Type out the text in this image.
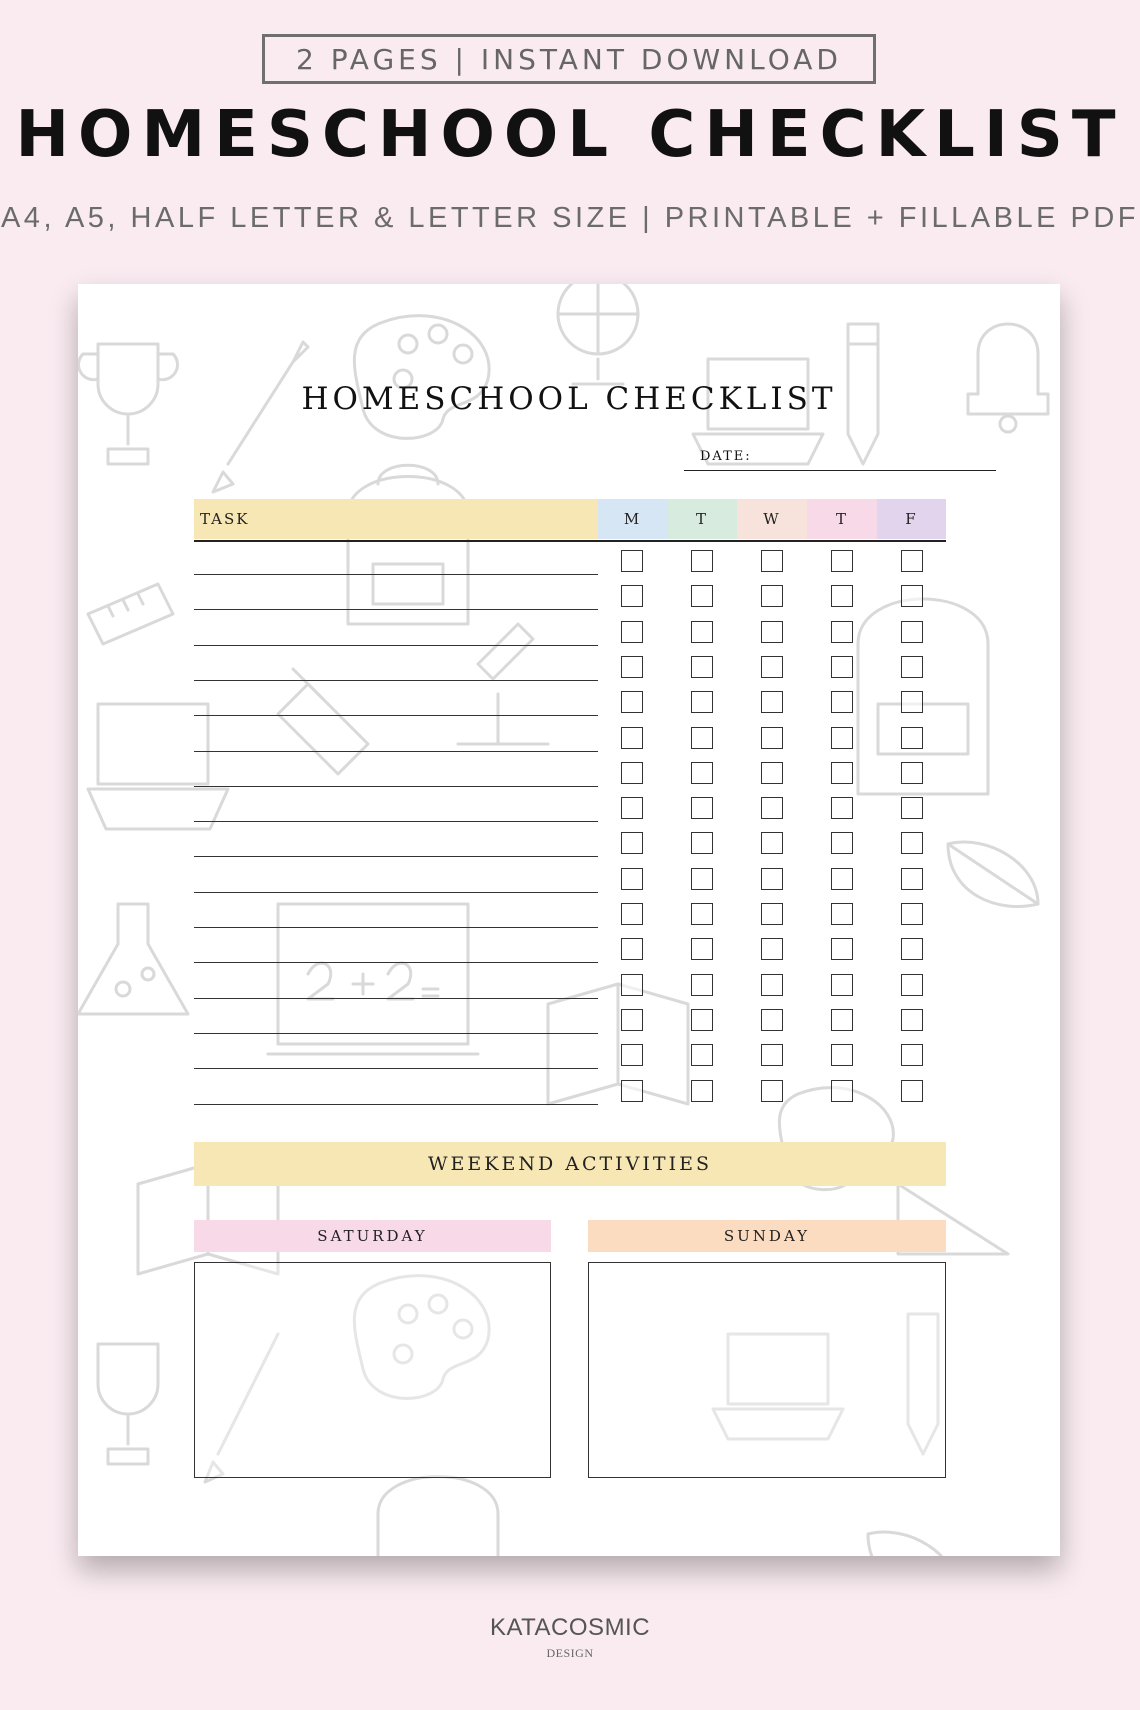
2 PAGES | INSTANT DOWNLOAD
HOMESCHOOL CHECKLIST
A4, A5, HALF LETTER & LETTER SIZE | PRINTABLE + FILLABLE PDF
HOMESCHOOL CHECKLIST
DATE:
TASK	M	T	W	T	F
WEEKEND ACTIVITIES
SATURDAY	SUNDAY
KATACOSMIC
DESIGN
